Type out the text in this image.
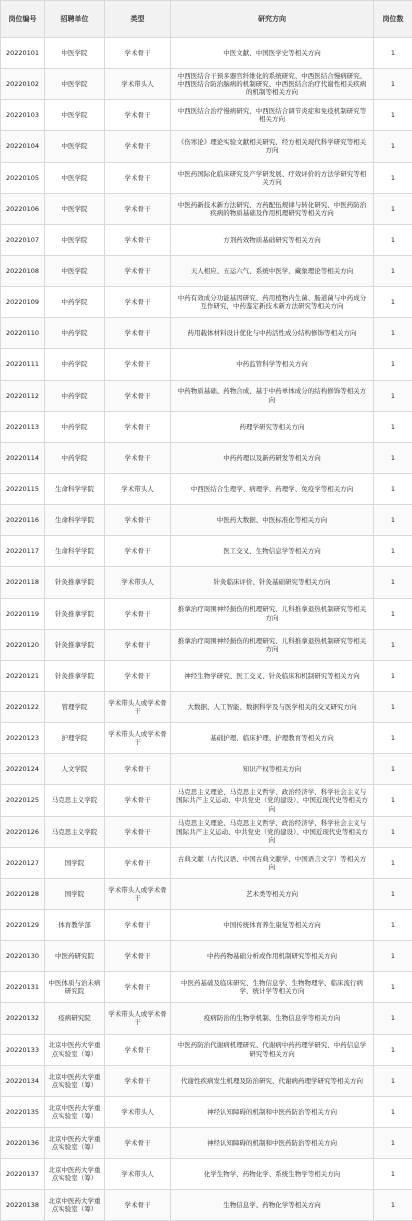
岗位编号	招聘单位	类型	研究方向	岗位数
20220101	中医学院	学术骨干	中医文献、中国医学史等相关方向	1
20220102	中医学院	学术带头人	中西医结合干预多器官纤维化的系统研究、中西医结合慢病研究、中西医结合防治脑病的机制研究、中西医结合治疗代谢性相关疾病的机制等相关方向	1
20220103	中医学院	学术骨干	中西医结合治疗慢病研究、中西医结合调节炎症和免疫机制研究等相关方向	1
20220104	中医学院	学术骨干	《伤寒论》理论实验文献相关研究、经方相关现代科学研究等相关方向	1
20220105	中医学院	学术骨干	中医药国际化临床研究及产学研发展、疗效评价的方法学研究等相关方向	1
20220106	中医学院	学术骨干	中医药新技术新方法研究、方药配伍规律与转化研究、中医药防治疾病的物质基础及作用机理研究等相关方向	1
20220107	中医学院	学术骨干	方剂药效物质基础研究等相关方向	1
20220108	中医学院	学术骨干	天人相应、五运六气、系统中医学、藏象理论等相关方向	1
20220109	中药学院	学术骨干	中药有效成分功能基因研究、药用植物内生菌、肠道菌与中药成分互作研究，中药鉴定新技术新方法研究等相关方向	1
20220110	中药学院	学术骨干	药用载体材料设计优化与中药活性成分结构修饰等相关方向	1
20220111	中药学院	学术骨干	中药监管科学等相关方向	1
20220112	中药学院	学术骨干	中药物质基础、药物合成、基于中药单体成分的结构修饰等相关方向	1
20220113	中药学院	学术骨干	药理学研究等相关方向	1
20220114	中药学院	学术骨干	中药药理以及新药研发等相关方向	1
20220115	生命科学学院	学术带头人	中西医结合生理学、病理学、药理学、免疫学等相关方向	1
20220116	生命科学学院	学术骨干	中医药大数据、中医标准化等相关方向	1
20220117	生命科学学院	学术骨干	医工交叉、生物信息学等相关方向	1
20220118	针灸推拿学院	学术带头人	针灸临床评价、针灸基础研究等相关方向	1
20220119	针灸推拿学院	学术骨干	推拿治疗周围神经损伤的机理研究、儿科推拿退热机制研究等相关方向	1
20220120	针灸推拿学院	学术骨干	推拿治疗周围神经损伤的机理研究、儿科推拿退热机制研究等相关方向	1
20220121	针灸推拿学院	学术骨干	神经生物学研究、医工交叉、针灸临床和机制研究等相关方向	1
20220122	管理学院	学术带头人或学术骨干	大数据、人工智能、数据科学及与医学相关的交叉研究方向	1
20220123	护理学院	学术带头人或学术骨干	基础护理、临床护理、护理教育等相关方向	1
20220124	人文学院	学术骨干	知识产权等相关方向	1
20220125	马克思主义学院	学术骨干	马克思主义理论、马克思主义哲学、政治经济学、科学社会主义与国际共产主义运动、中共党史（党的建设）、中国近现代史等相关方向	1
20220126	马克思主义学院	学术骨干	马克思主义理论、马克思主义哲学、政治经济学、科学社会主义与国际共产主义运动、中共党史（党的建设）、中国近现代史等相关方向	1
20220127	国学院	学术骨干	古典文献（古代汉语、中国古典文献学、中国语言文字）等相关方向	1
20220128	国学院	学术带头人或学术骨干	艺术类等相关方向	1
20220129	体育教学部	学术骨干	中国传统体育养生康复等相关方向	1
20220130	中医药研究院	学术骨干	中药药物基础分析或作用机制研究等相关方向	1
20220131	中医体质与治未病研究院	学术骨干	中医药基础及临床研究、生物信息学、生物物理学、临床流行病学、统计学等相关方向	1
20220132	疫病研究院	学术带头人或学术骨干	疫病防治的生物学机制、生物信息学等相关方向	1
20220133	北京中医药大学重点实验室（筹）	学术骨干	中医药防治代谢病机理研究、代谢病中药药理学研究、中药信息学研究等相关方向	1
20220134	北京中医药大学重点实验室（筹）	学术骨干	代谢性疾病发生机理及防治研究、代谢病药理学研究等相关方向	1
20220135	北京中医药大学重点实验室（筹）	学术带头人	神经认知障碍的机制和中医药防治等相关方向	1
20220136	北京中医药大学重点实验室（筹）	学术骨干	神经认知障碍的机制和中医药防治等相关方向	1
20220137	北京中医药大学重点实验室（筹）	学术带头人	化学生物学、药物化学、系统生物学等相关方向	1
20220138	北京中医药大学重点实验室（筹）	学术骨干	生物信息学、药物化学等相关方向	1
